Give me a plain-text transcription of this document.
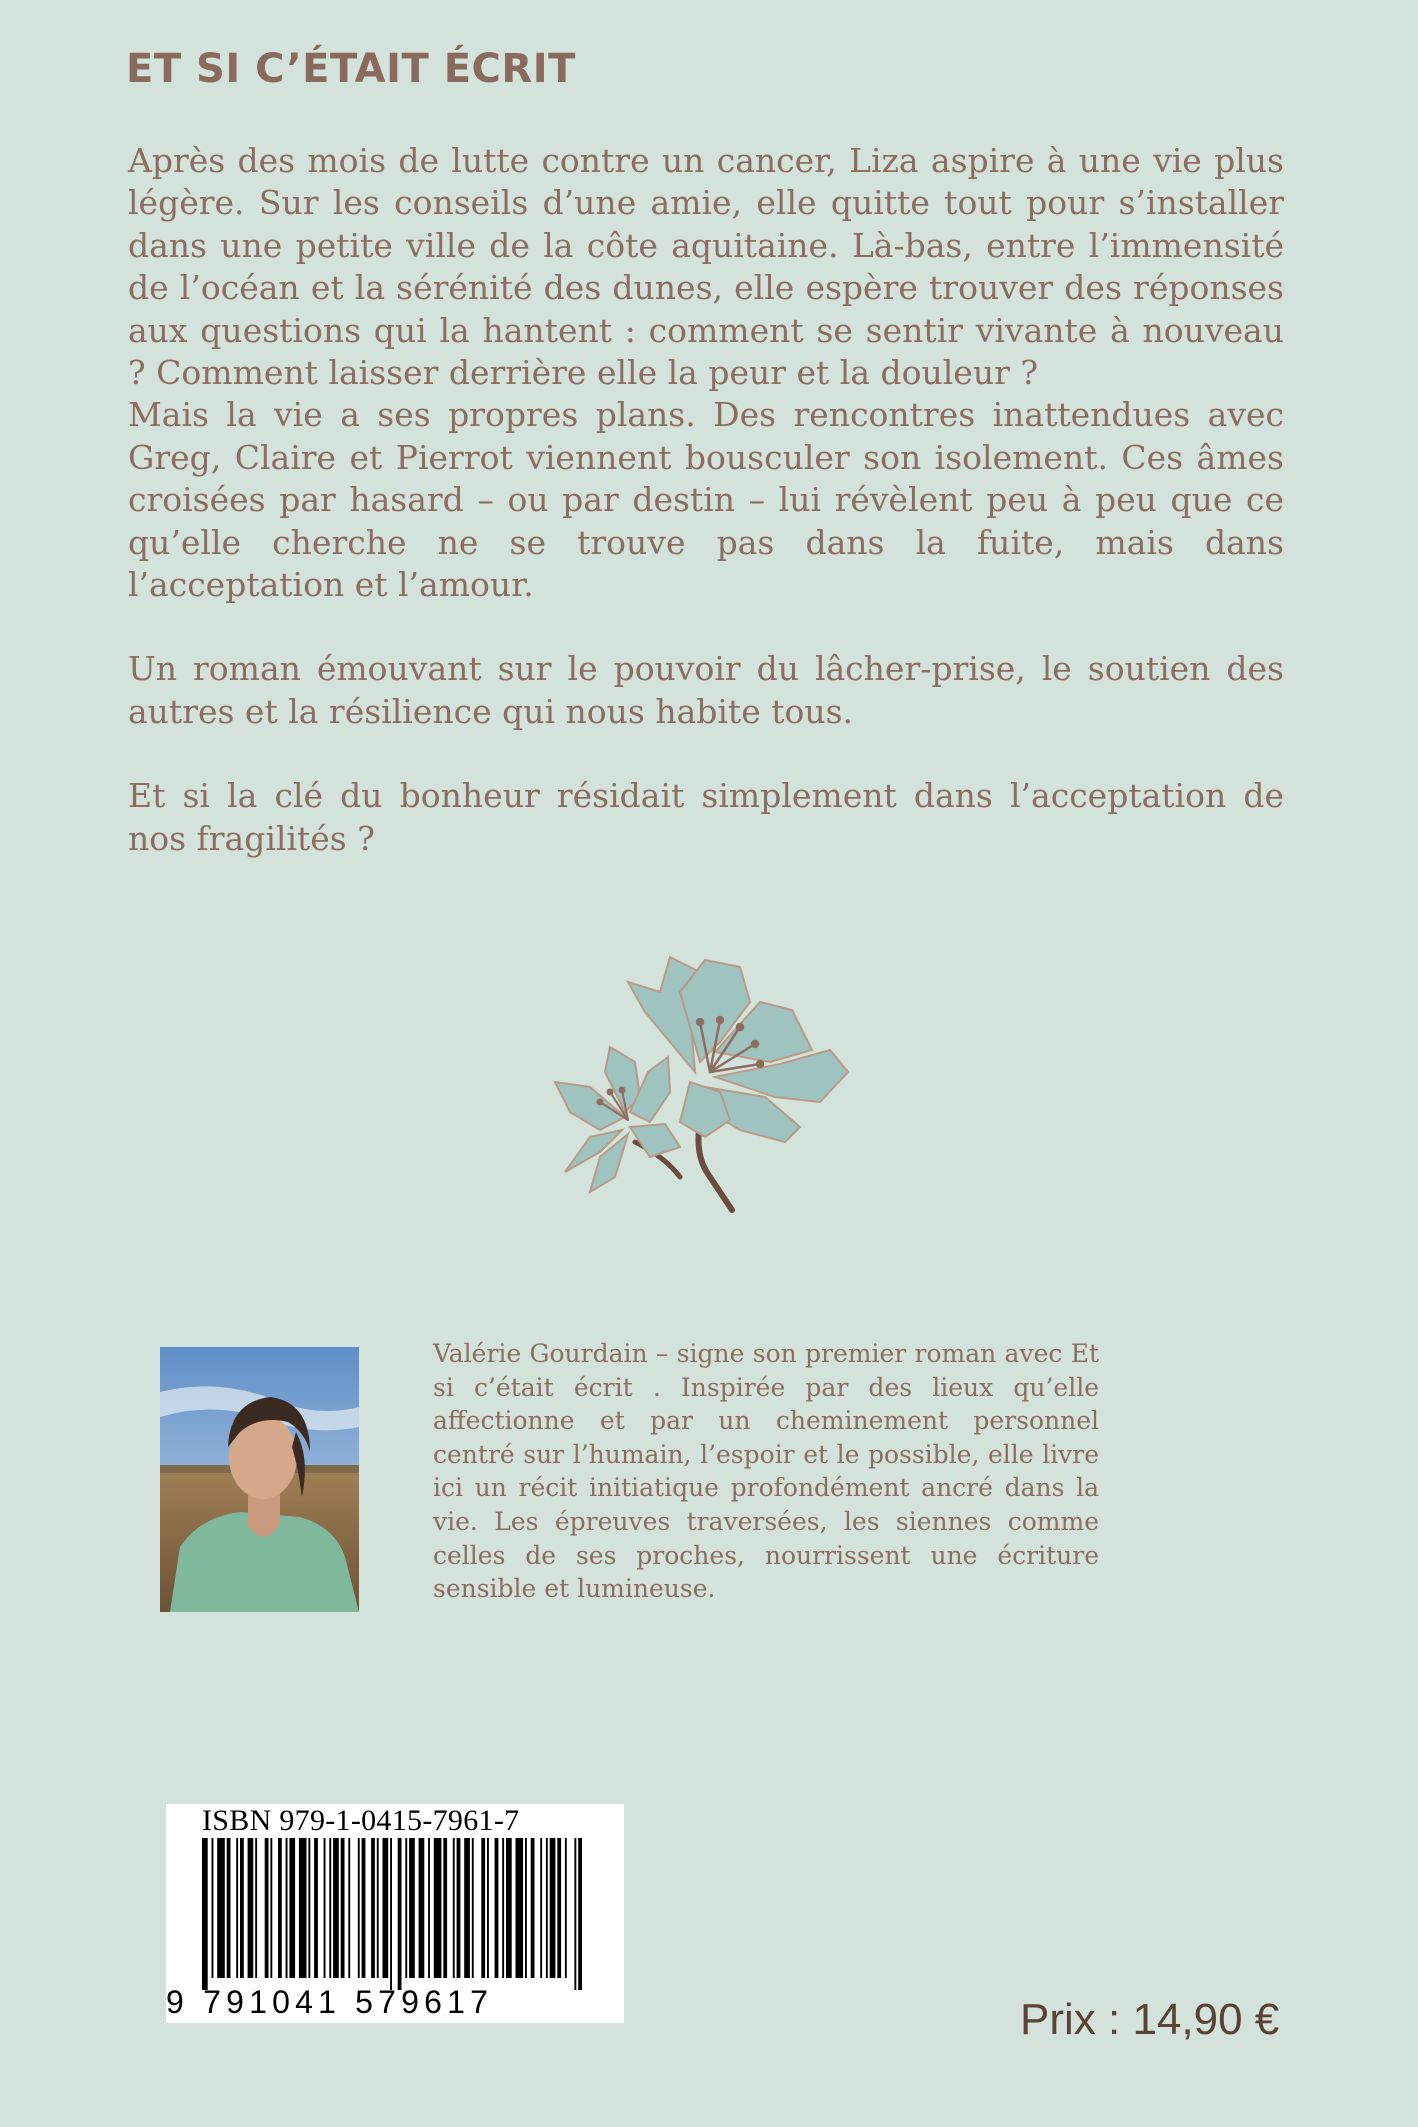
ET SI C’ÉTAIT ÉCRIT

Après des mois de lutte contre un cancer, Liza aspire à une vie plus légère. Sur les conseils d’une amie, elle quitte tout pour s’installer dans une petite ville de la côte aquitaine. Là-bas, entre l’immensité de l’océan et la sérénité des dunes, elle espère trouver des réponses aux questions qui la hantent : comment se sentir vivante à nouveau ? Comment laisser derrière elle la peur et la douleur ?

Mais la vie a ses propres plans. Des rencontres inattendues avec Greg, Claire et Pierrot viennent bousculer son isolement. Ces âmes croisées par hasard – ou par destin – lui révèlent peu à peu que ce qu’elle cherche ne se trouve pas dans la fuite, mais dans l’acceptation et l’amour.

Un roman émouvant sur le pouvoir du lâcher-prise, le soutien des autres et la résilience qui nous habite tous.

Et si la clé du bonheur résidait simplement dans l’acceptation de nos fragilités ?

Valérie Gourdain – signe son premier roman avec Et si c’était écrit . Inspirée par des lieux qu’elle affectionne et par un cheminement personnel centré sur l’humain, l’espoir et le possible, elle livre ici un récit initiatique profondément ancré dans la vie. Les épreuves traversées, les siennes comme celles de ses proches, nourrissent une écriture sensible et lumineuse.

ISBN 979-1-0415-7961-7
9 791041 579617	Prix : 14,90 €
